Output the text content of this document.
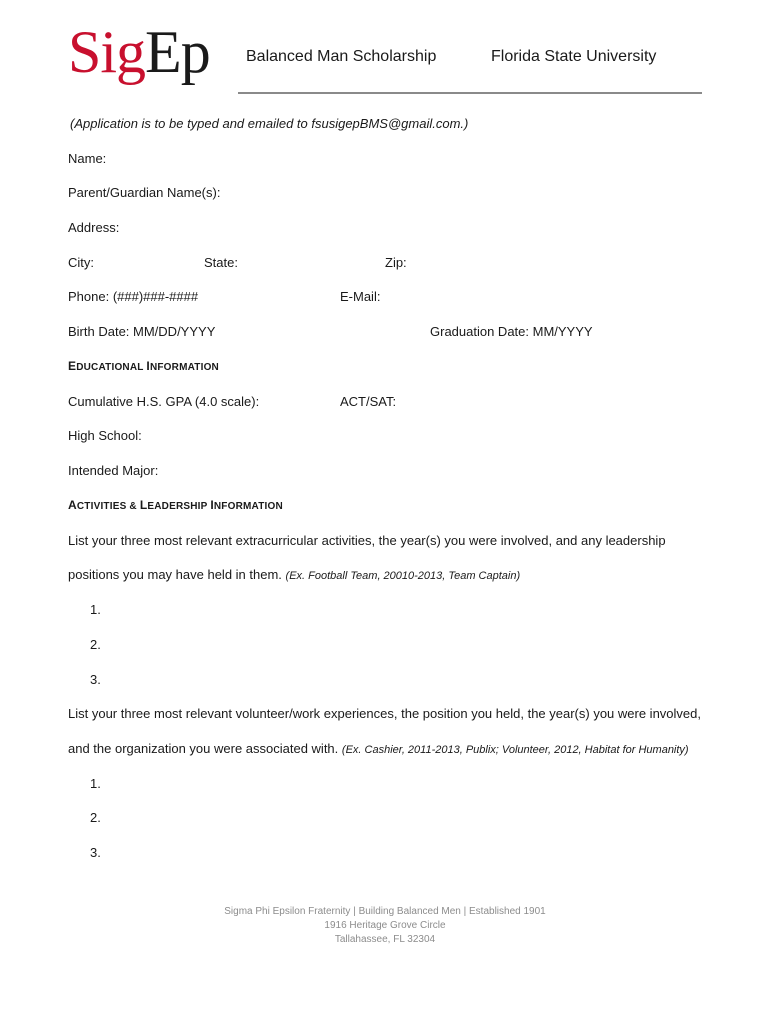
SigEp Balanced Man Scholarship	Florida State University
(Application is to be typed and emailed to fsusigepBMS@gmail.com.)
Name:
Parent/Guardian Name(s):
Address:
City:	State:	Zip:
Phone: (###)###-####	E-Mail:
Birth Date: MM/DD/YYYY	Graduation Date: MM/YYYY
EDUCATIONAL INFORMATION
Cumulative H.S. GPA (4.0 scale):	ACT/SAT:
High School:
Intended Major:
ACTIVITIES & LEADERSHIP INFORMATION
List your three most relevant extracurricular activities, the year(s) you were involved, and any leadership
positions you may have held in them. (Ex. Football Team, 20010-2013, Team Captain)
1.
2.
3.
List your three most relevant volunteer/work experiences, the position you held, the year(s) you were involved,
and the organization you were associated with. (Ex. Cashier, 2011-2013, Publix; Volunteer, 2012, Habitat for Humanity)
1.
2.
3.
Sigma Phi Epsilon Fraternity | Building Balanced Men | Established 1901
1916 Heritage Grove Circle
Tallahassee, FL 32304
